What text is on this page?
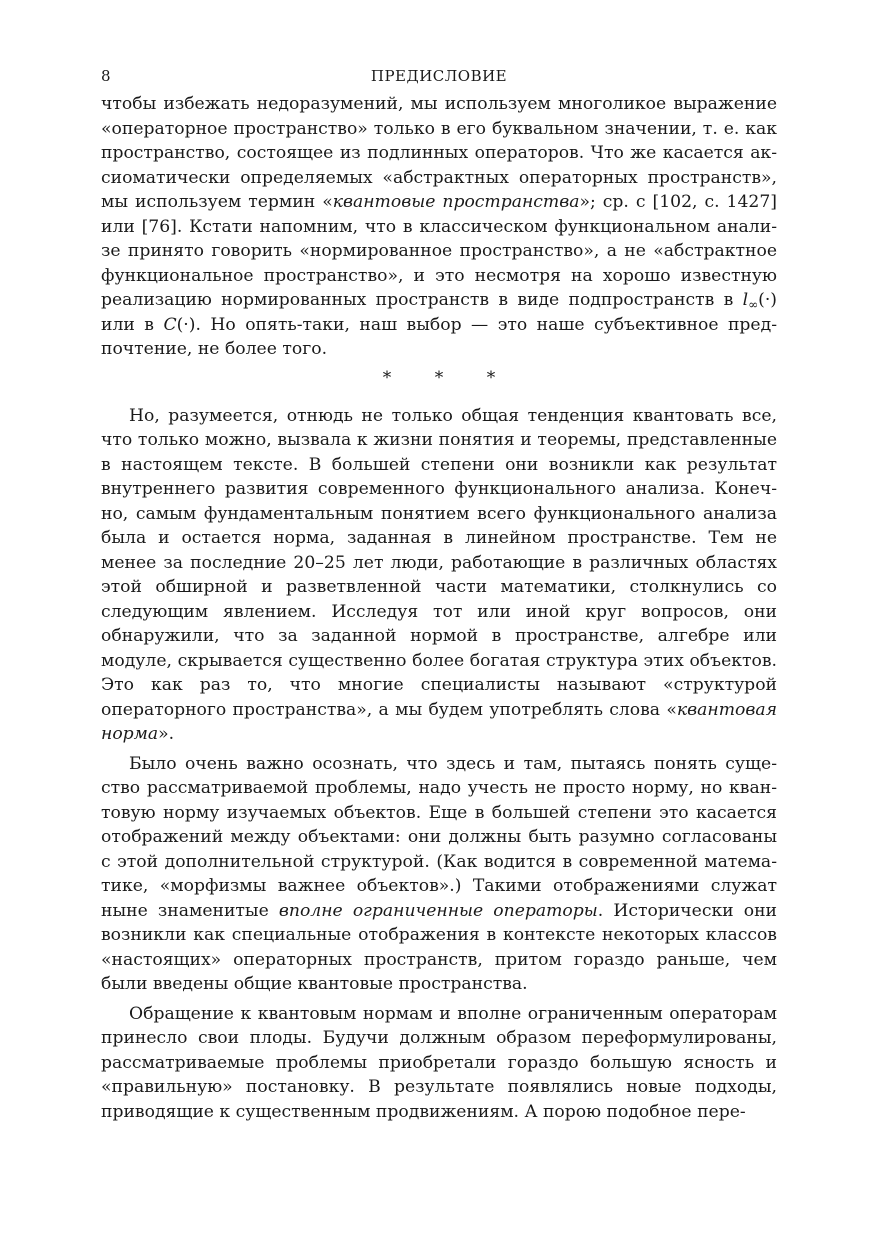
8	ПРЕДИСЛОВИЕ

чтобы избежать недоразумений, мы используем многоликое выражение «операторное пространство» только в его буквальном значении, т. е. как пространство, состоящее из подлинных операторов. Что же касается аксиоматически определяемых «абстрактных операторных пространств», мы используем термин «квантовые пространства»; ср. с [102, с. 1427] или [76]. Кстати напомним, что в классическом функциональном анализе принято говорить «нормированное пространство», а не «абстрактное функциональное пространство», и это несмотря на хорошо известную реализацию нормированных пространств в виде подпространств в $l_\infty(\cdot)$ или в C(·). Но опять-таки, наш выбор — это наше субъективное предпочтение, не более того.

*	*	*

Но, разумеется, отнюдь не только общая тенденция квантовать все, что только можно, вызвала к жизни понятия и теоремы, представленные в настоящем тексте. В большей степени они возникли как результат внутреннего развития современного функционального анализа. Конечно, самым фундаментальным понятием всего функционального анализа была и остается норма, заданная в линейном пространстве. Тем не менее за последние 20–25 лет люди, работающие в различных областях этой обширной и разветвленной части математики, столкнулись со следующим явлением. Исследуя тот или иной круг вопросов, они обнаружили, что за заданной нормой в пространстве, алгебре или модуле, скрывается существенно более богатая структура этих объектов. Это как раз то, что многие специалисты называют «структурой операторного пространства», а мы будем употреблять слова «квантовая норма».

Было очень важно осознать, что здесь и там, пытаясь понять существо рассматриваемой проблемы, надо учесть не просто норму, но квантовую норму изучаемых объектов. Еще в большей степени это касается отображений между объектами: они должны быть разумно согласованы с этой дополнительной структурой. (Как водится в современной математике, «морфизмы важнее объектов».) Такими отображениями служат ныне знаменитые вполне ограниченные операторы. Исторически они возникли как специальные отображения в контексте некоторых классов «настоящих» операторных пространств, притом гораздо раньше, чем были введены общие квантовые пространства.

Обращение к квантовым нормам и вполне ограниченным операторам принесло свои плоды. Будучи должным образом переформулированы, рассматриваемые проблемы приобретали гораздо большую ясность и «правильную» постановку. В результате появлялись новые подходы, приводящие к существенным продвижениям. А порою подобное пере-
